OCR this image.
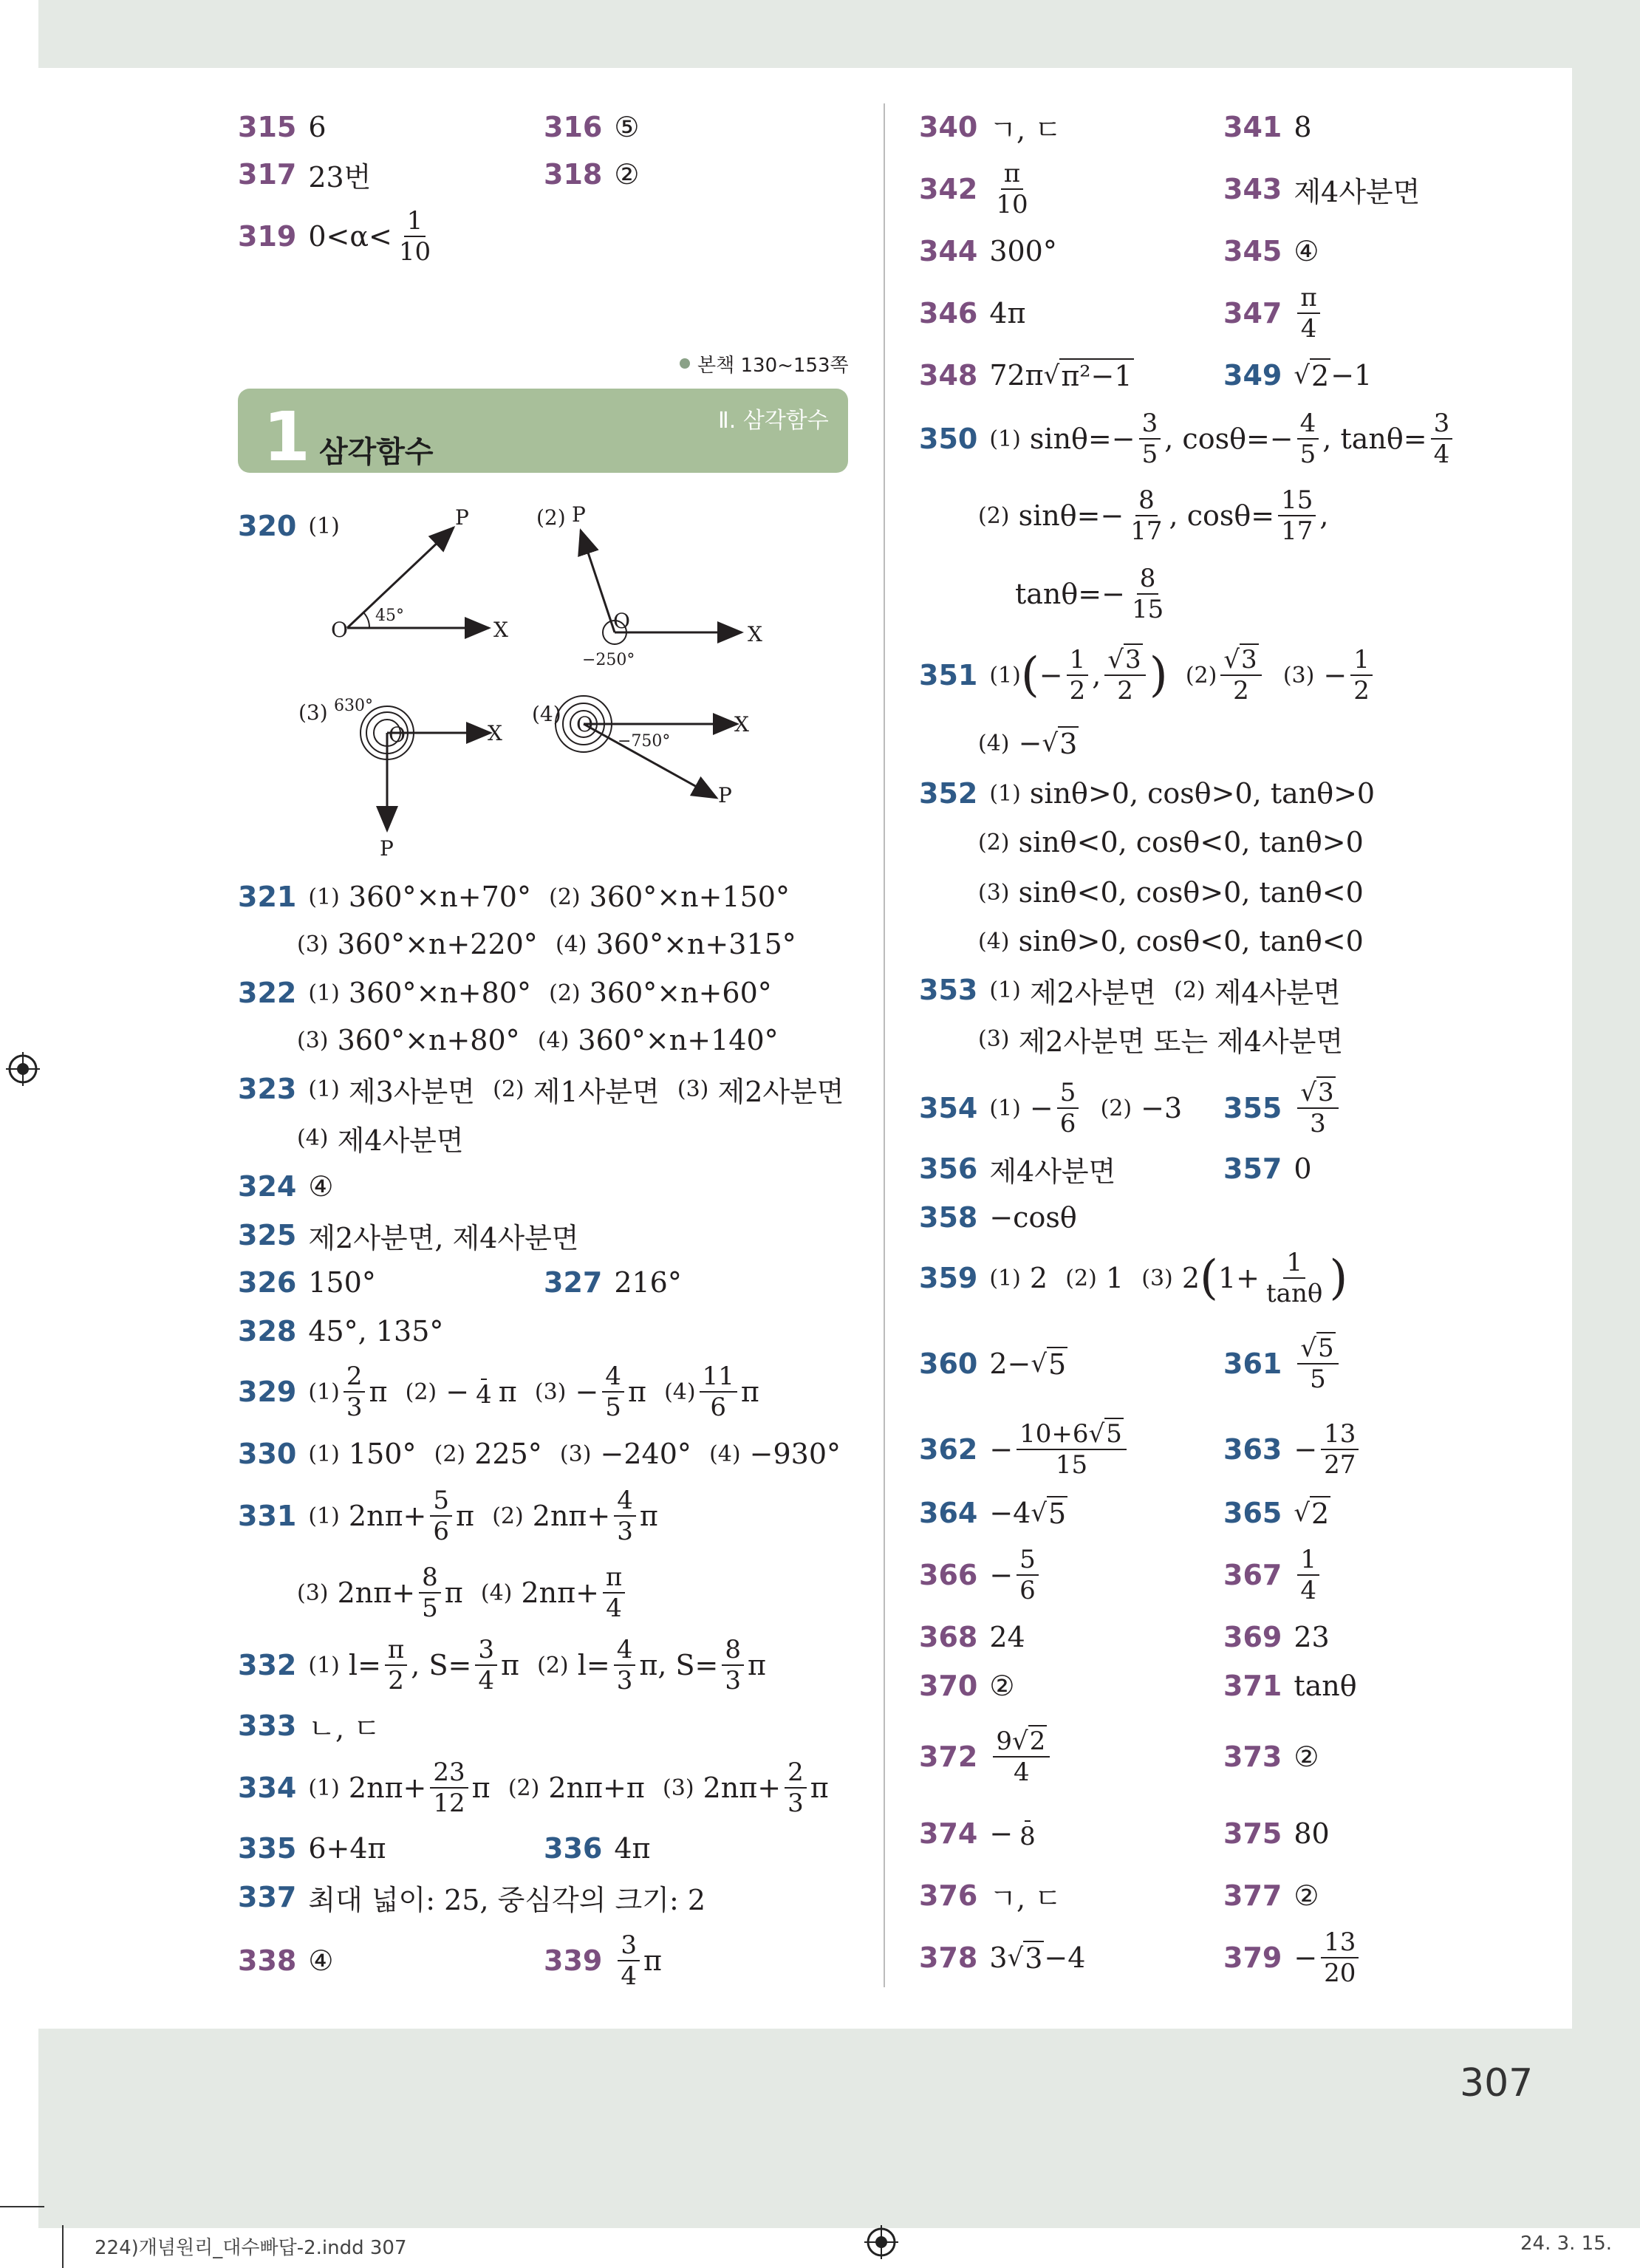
315 6	316 ⑤
317 23번	318 ②
319 $0<\alpha< \frac{1}{10}$
본책 130~153쪽
1 삼각함수
Ⅱ. 삼각함수
320 (1)
O	X
P
45°
(2) P
O
X
−250°
(3) 630°
O	X
P
(4) O	X
P
−750°
321 (1)
360°×n+70°
(2)
360°×n+150°
(3)
360°×n+220°
(4)
360°×n+315°
322 (1)
360°×n+80°
(2)
360°×n+60°
(3)
360°×n+80°
(4)
360°×n+140°
323 (1)
제3사분면
(2)
제1사분면
(3)
제2사분면
(4)
제4사분면
324 ④
325 제2사분면, 제4사분면
326 150°	327 216°
328 45°, 135°
329 $(1) \frac{2}{3}$ π
(2)
− 4 π
(3)
− $\frac{4}{5}$ π
$(4) \frac{11}{6}$ π
330 (1)
150°
(2)
225°
(3)
−240°
(4)
−930°
331 (1)
$2n\pi+ \frac{5}{6}$ π
(2)
$2n\pi+ \frac{4}{3}$ π
(3)
$2n\pi+ \frac{8}{5}$ π
(4)
$2n\pi+ \frac{\pi}{4}$
332 (1)
$l= \frac{\pi}{2}$ , $S= \frac{3}{4}$ π
(2)
$l= \frac{4}{3} \pi$, $S= \frac{8}{3}$ π
333 ㄴ, ㄷ
334 (1)
$2n\pi+ \frac{23}{12}$ π
(2)
2nπ+π
(3)
$2n\pi+ \frac{2}{3}$ π
335 6+4π	336 4π
337 최대 넓이: 25, 중심각의 크기: 2
338 ④	$339 \frac{3}{4}$ π
340 ㄱ, ㄷ	341 8
$342 \frac{\pi}{10}$	343 제4사분면
344 300°	345 ④
346 4π	$347 \frac{\pi}{4}$
348 72π √ π²−1	349 √ 2 −1
350 (1)
$\sin\theta=- \frac{3}{5}$ , $\cos\theta=- \frac{4}{5}$ , $\tan\theta= \frac{3}{4}$
(2)
$\sin\theta=- \frac{8}{17}$ , $\cos\theta= \frac{15}{17}$ ,
$\tan\theta=- \frac{8}{15}$
351 (1) ( − $\frac{1}{2}$ , $\frac{√3}{2}$ )
$(2) \frac{√3}{2}$
(3)
− $\frac{1}{2}$
(4)
− √ 3
352 (1)
sinθ>0, cosθ>0, tanθ>0
(2)
sinθ<0, cosθ<0, tanθ>0
(3)
sinθ<0, cosθ>0, tanθ<0
(4)
sinθ>0, cosθ<0, tanθ<0
353 (1)
제2사분면
(2)
제4사분면
(3)
제2사분면 또는 제4사분면
354 (1)
− $\frac{5}{6}$
(2)
−3 $355 \frac{√3}{3}$
356 제4사분면	357 0
358 −cosθ
359 (1)
2
(2)
1
(3)
2 ( $1+ \frac{1}{\tan\theta}$ )
360 2− √ 5	$361 \frac{√5}{5}$
$362 - \frac{10+6√5}{15}$	$363 - \frac{13}{27}$
364 −4 √ 5	365 √ 2
$366 - \frac{5}{6}$	$367 \frac{1}{4}$
368 24	369 23
370 ②	371 tanθ
$372 \frac{9√2}{4}$	373 ②
374 − 8	375 80
376 ㄱ, ㄷ	377 ②
378 3 √ 3 −4	$379 - \frac{13}{20}$
307
224)개념원리_대수빠답-2.indd 307	24. 3. 15.
